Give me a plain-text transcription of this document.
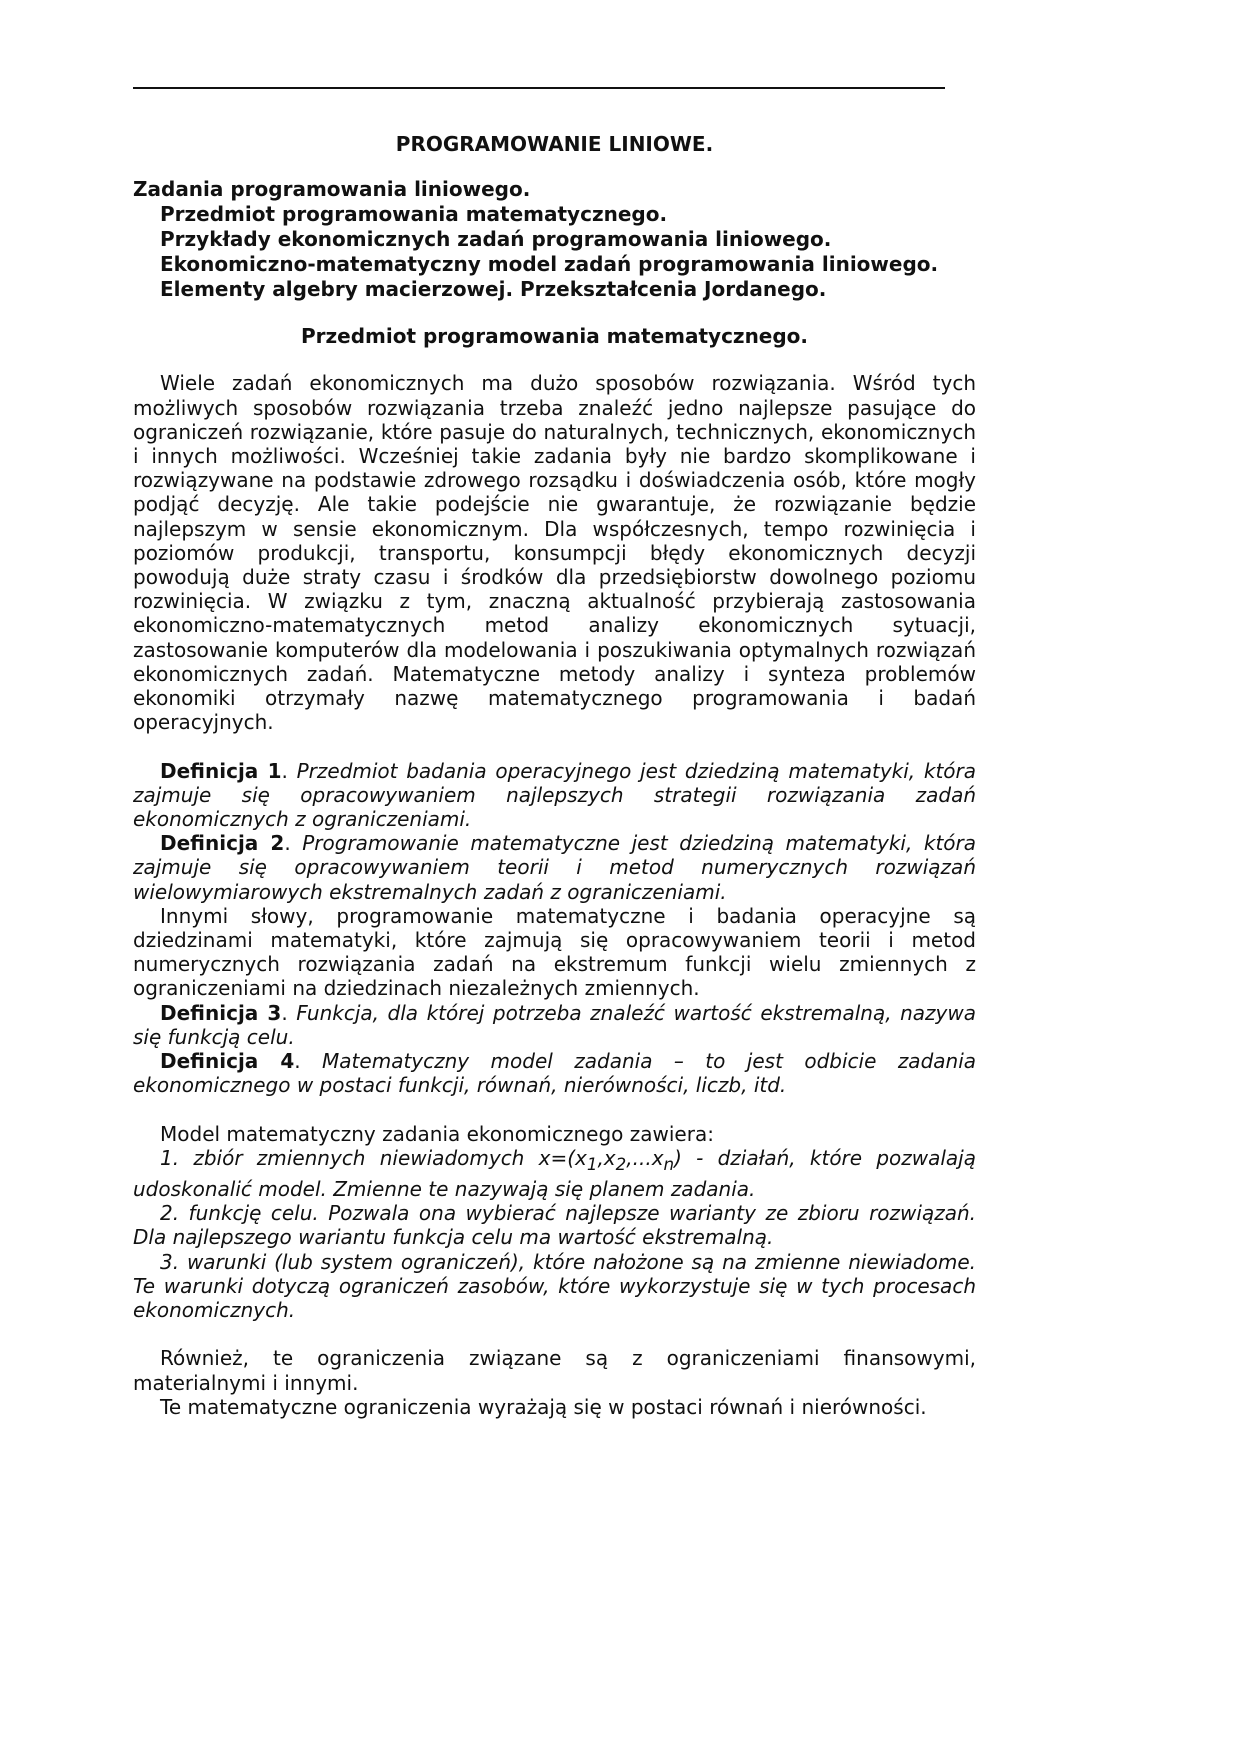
PROGRAMOWANIE LINIOWE.
Zadania programowania liniowego.
Przedmiot programowania matematycznego.
Przykłady ekonomicznych zadań programowania liniowego.
Ekonomiczno-matematyczny model zadań programowania liniowego.
Elementy algebry macierzowej. Przekształcenia Jordanego.
Przedmiot programowania matematycznego.

Wiele zadań ekonomicznych ma dużo sposobów rozwiązania. Wśród tych możliwych sposobów rozwiązania trzeba znaleźć jedno najlepsze pasujące do ograniczeń rozwiązanie, które pasuje do naturalnych, technicznych, ekonomicznych i innych możliwości. Wcześniej takie zadania były nie bardzo skomplikowane i rozwiązywane na podstawie zdrowego rozsądku i doświadczenia osób, które mogły podjąć decyzję. Ale takie podejście nie gwarantuje, że rozwiązanie będzie najlepszym w sensie ekonomicznym. Dla współczesnych, tempo rozwinięcia i poziomów produkcji, transportu, konsumpcji błędy ekonomicznych decyzji powodują duże straty czasu i środków dla przedsiębiorstw dowolnego poziomu rozwinięcia. W związku z tym, znaczną aktualność przybierają zastosowania ekonomiczno-matematycznych metod analizy ekonomicznych sytuacji, zastosowanie komputerów dla modelowania i poszukiwania optymalnych rozwiązań ekonomicznych zadań. Matematyczne metody analizy i synteza problemów ekonomiki otrzymały nazwę matematycznego programowania i badań operacyjnych.

Definicja 1. Przedmiot badania operacyjnego jest dziedziną matematyki, która zajmuje się opracowywaniem najlepszych strategii rozwiązania zadań ekonomicznych z ograniczeniami.

Definicja 2. Programowanie matematyczne jest dziedziną matematyki, która zajmuje się opracowywaniem teorii i metod numerycznych rozwiązań wielowymiarowych ekstremalnych zadań z ograniczeniami.

Innymi słowy, programowanie matematyczne i badania operacyjne są dziedzinami matematyki, które zajmują się opracowywaniem teorii i metod numerycznych rozwiązania zadań na ekstremum funkcji wielu zmiennych z ograniczeniami na dziedzinach niezależnych zmiennych.

Definicja 3. Funkcja, dla której potrzeba znaleźć wartość ekstremalną, nazywa się funkcją celu.

Definicja 4. Matematyczny model zadania – to jest odbicie zadania ekonomicznego w postaci funkcji, równań, nierówności, liczb, itd.

Model matematyczny zadania ekonomicznego zawiera:

1. zbiór zmiennych niewiadomych $x=(x_1,x_2,...x_n)$ - działań, które pozwalają udoskonalić model. Zmienne te nazywają się planem zadania.

2. funkcję celu. Pozwala ona wybierać najlepsze warianty ze zbioru rozwiązań. Dla najlepszego wariantu funkcja celu ma wartość ekstremalną.

3. warunki (lub system ograniczeń), które nałożone są na zmienne niewiadome. Te warunki dotyczą ograniczeń zasobów, które wykorzystuje się w tych procesach ekonomicznych.

Również, te ograniczenia związane są z ograniczeniami finansowymi, materialnymi i innymi.

Te matematyczne ograniczenia wyrażają się w postaci równań i nierówności.
